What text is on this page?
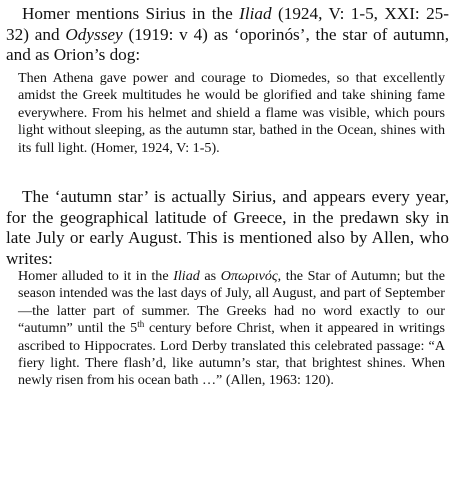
Homer mentions Sirius in the Iliad (1924, V: 1-5, XXI: 25-32) and Odyssey (1919: v 4) as ‘oporinós’, the star of autumn, and as Orion’s dog:

Then Athena gave power and courage to Diomedes, so that excellently amidst the Greek multitudes he would be glorified and take shining fame everywhere. From his helmet and shield a flame was visible, which pours light without sleeping, as the autumn star, bathed in the Ocean, shines with its full light. (Homer, 1924, V: 1-5).

The ‘autumn star’ is actually Sirius, and appears every year, for the geographical latitude of Greece, in the predawn sky in late July or early August. This is mentioned also by Allen, who writes:

Homer alluded to it in the Iliad as Οπωρινός, the Star of Autumn; but the season intended was the last days of July, all August, and part of September—the latter part of summer. The Greeks had no word exactly to our “autumn” until the 5th century before Christ, when it appeared in writings ascribed to Hippocrates. Lord Derby translated this celebrated passage: “A fiery light. There flash’d, like autumn’s star, that brightest shines. When newly risen from his ocean bath …” (Allen, 1963: 120).
